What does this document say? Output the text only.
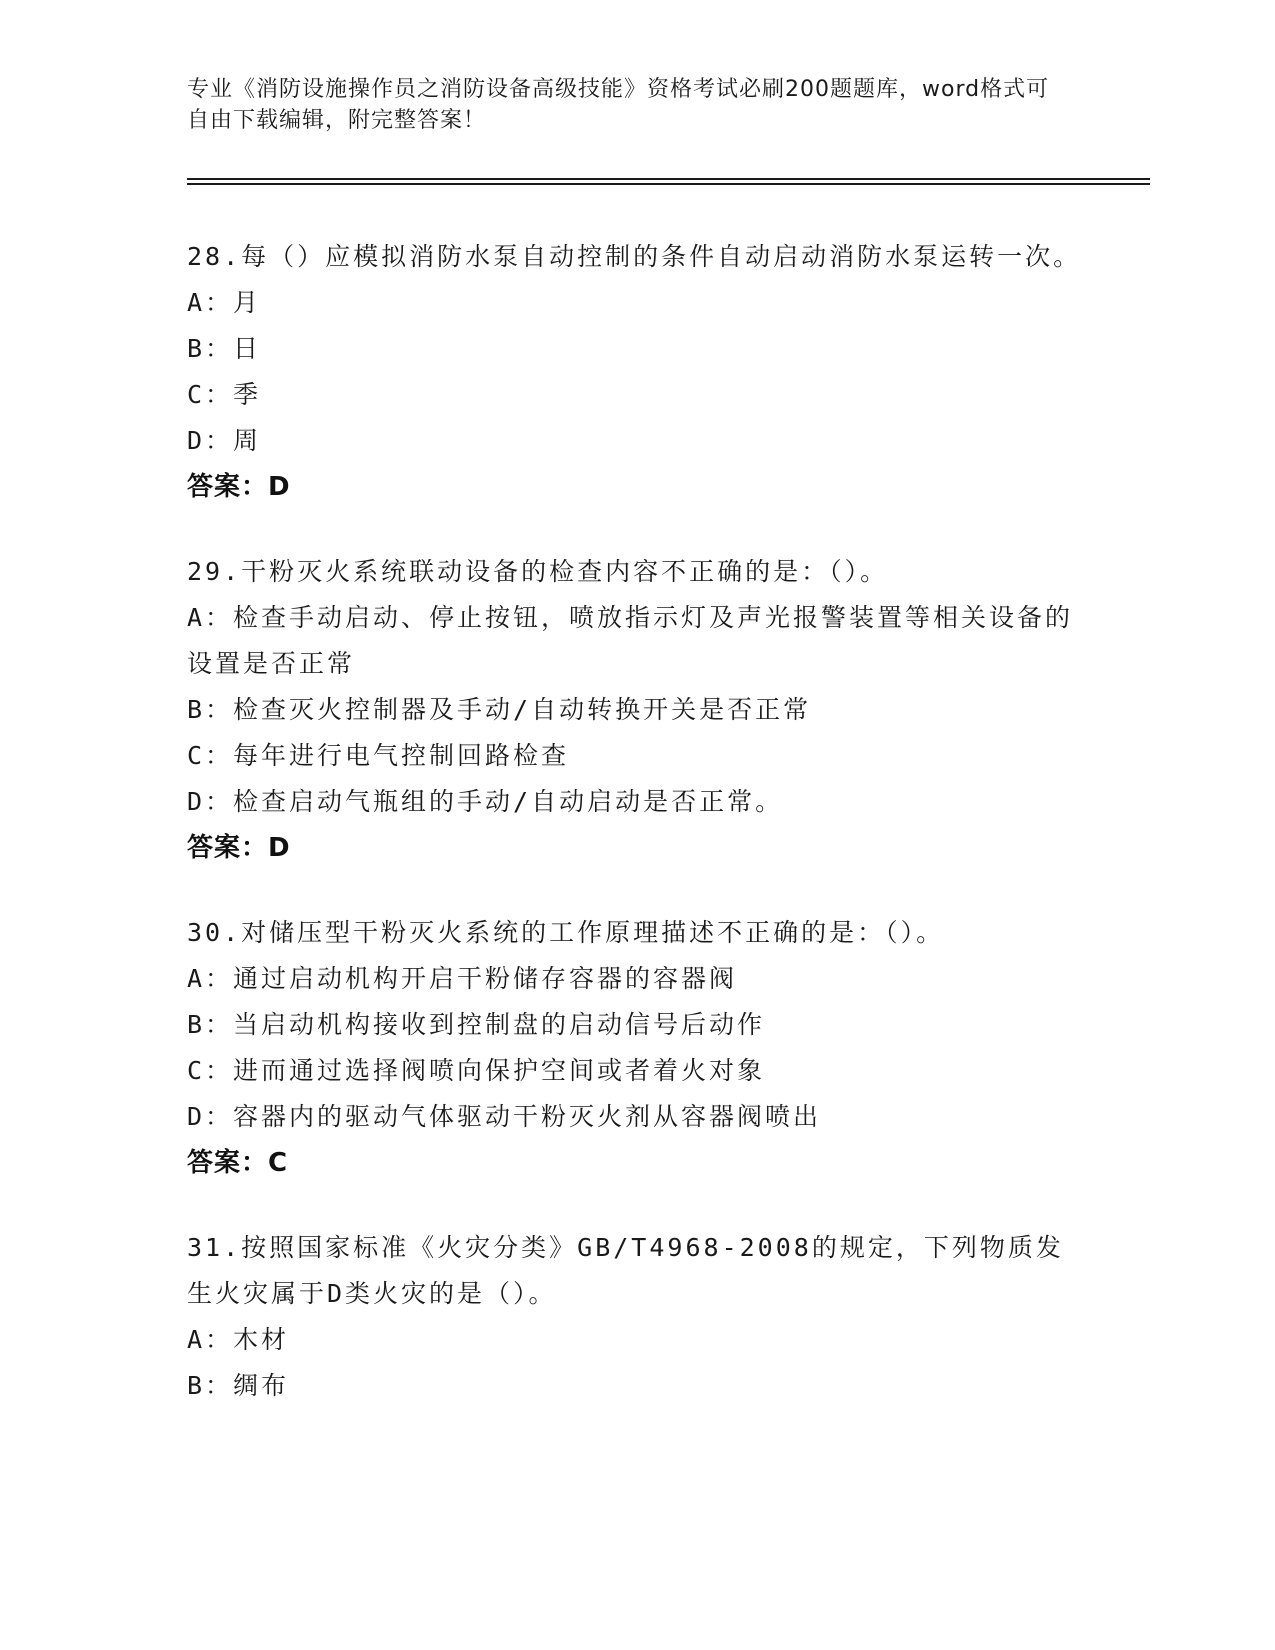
专业《消防设施操作员之消防设备高级技能》资格考试必刷200题题库，word格式可自由下载编辑，附完整答案！
28.每（）应模拟消防水泵自动控制的条件自动启动消防水泵运转一次。
A：月
B：日
C：季
D：周
答案：D
29.干粉灭火系统联动设备的检查内容不正确的是：（）。
A：检查手动启动、停止按钮，喷放指示灯及声光报警装置等相关设备的设置是否正常
B：检查灭火控制器及手动/自动转换开关是否正常
C：每年进行电气控制回路检查
D：检查启动气瓶组的手动/自动启动是否正常。
答案：D
30.对储压型干粉灭火系统的工作原理描述不正确的是：（）。
A：通过启动机构开启干粉储存容器的容器阀
B：当启动机构接收到控制盘的启动信号后动作
C：进而通过选择阀喷向保护空间或者着火对象
D：容器内的驱动气体驱动干粉灭火剂从容器阀喷出
答案：C
31.按照国家标准《火灾分类》GB/T4968-2008的规定，下列物质发生火灾属于D类火灾的是（）。
A：木材
B：绸布
